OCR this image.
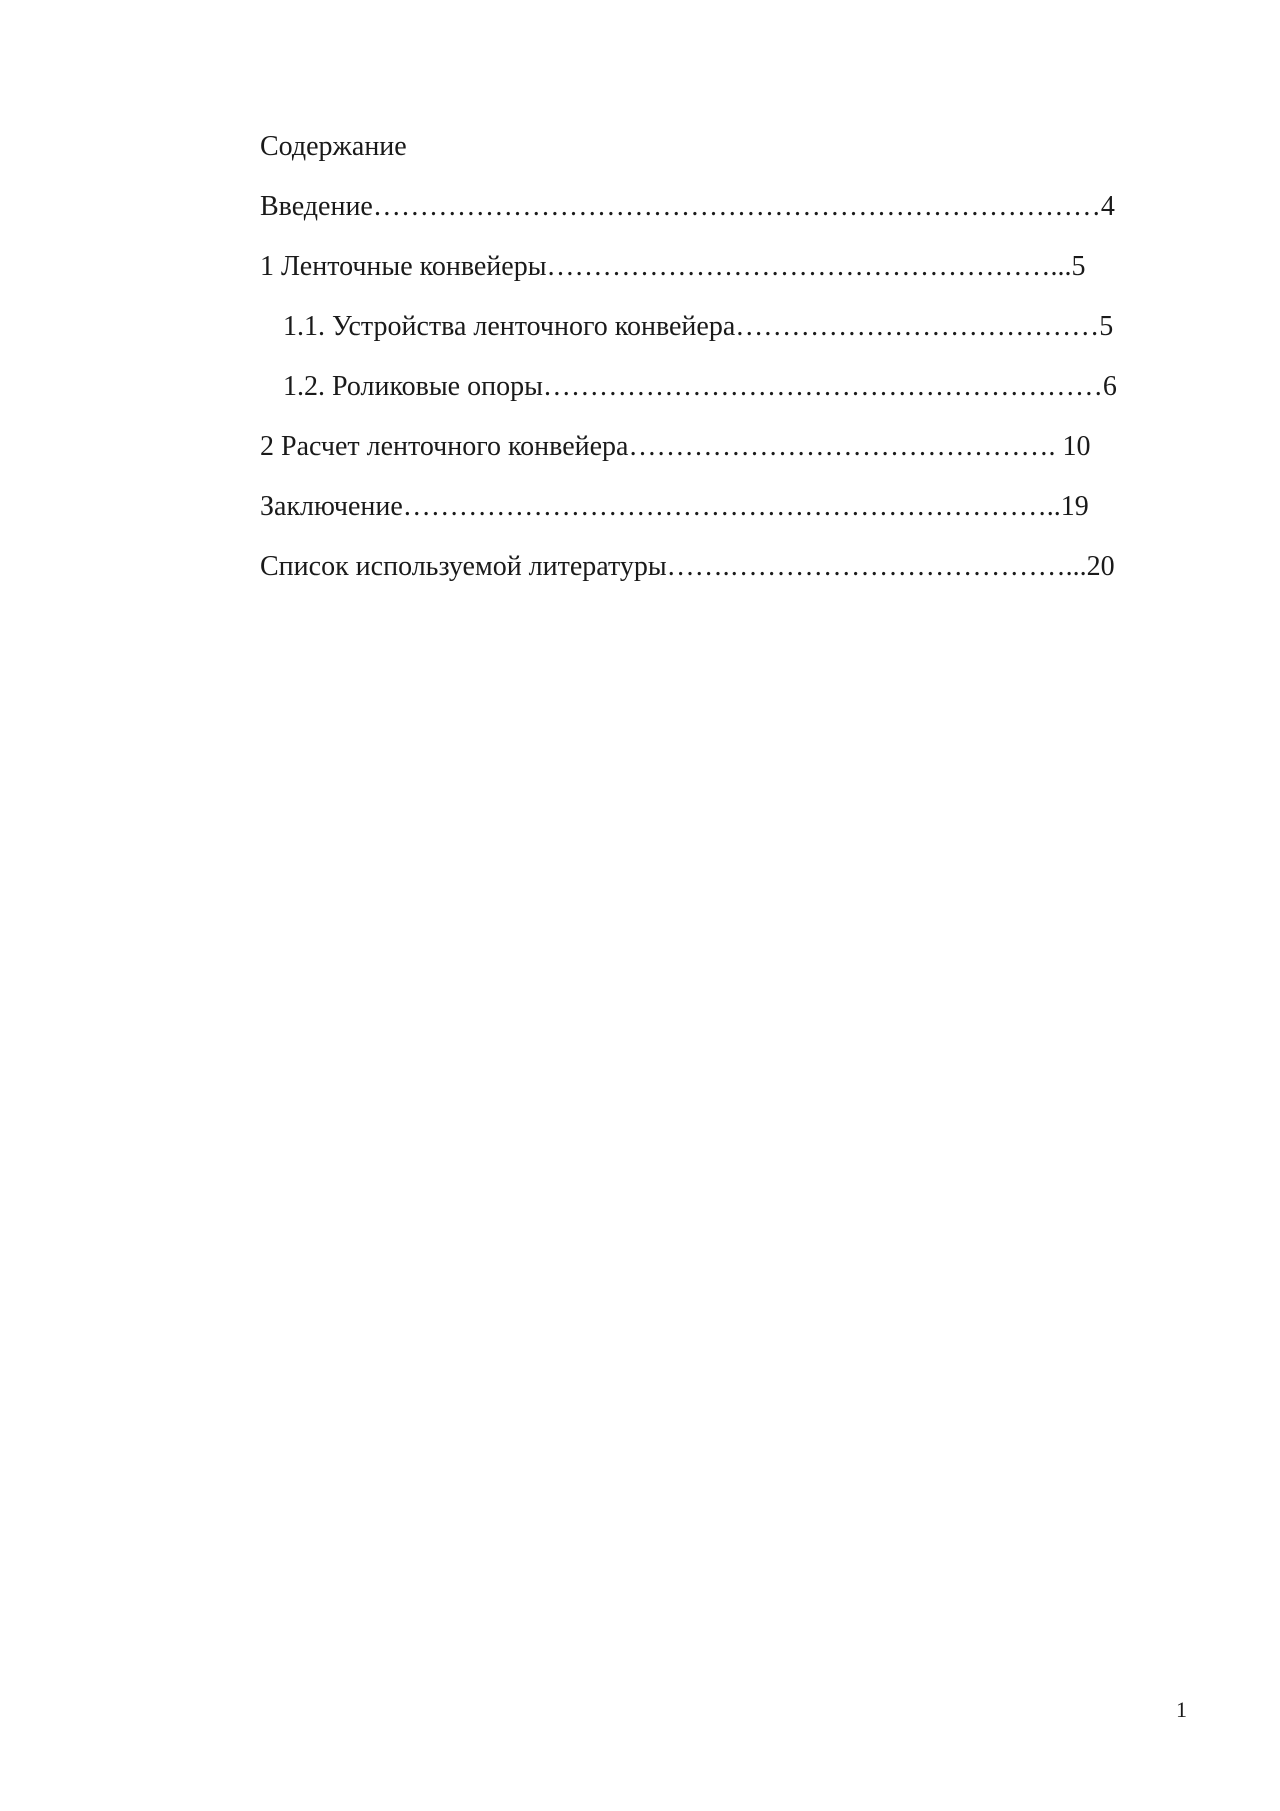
Содержание
Введение……………………………………………………………………4
1 Ленточные конвейеры………………………………………………...5
1.1. Устройства ленточного конвейера…………………………………5
1.2. Роликовые опоры……………………………………………………6
2 Расчет ленточного конвейера………………………………………. 10
Заключение……………………………………………………………..19
Список используемой литературы…….………………………………...20
1
